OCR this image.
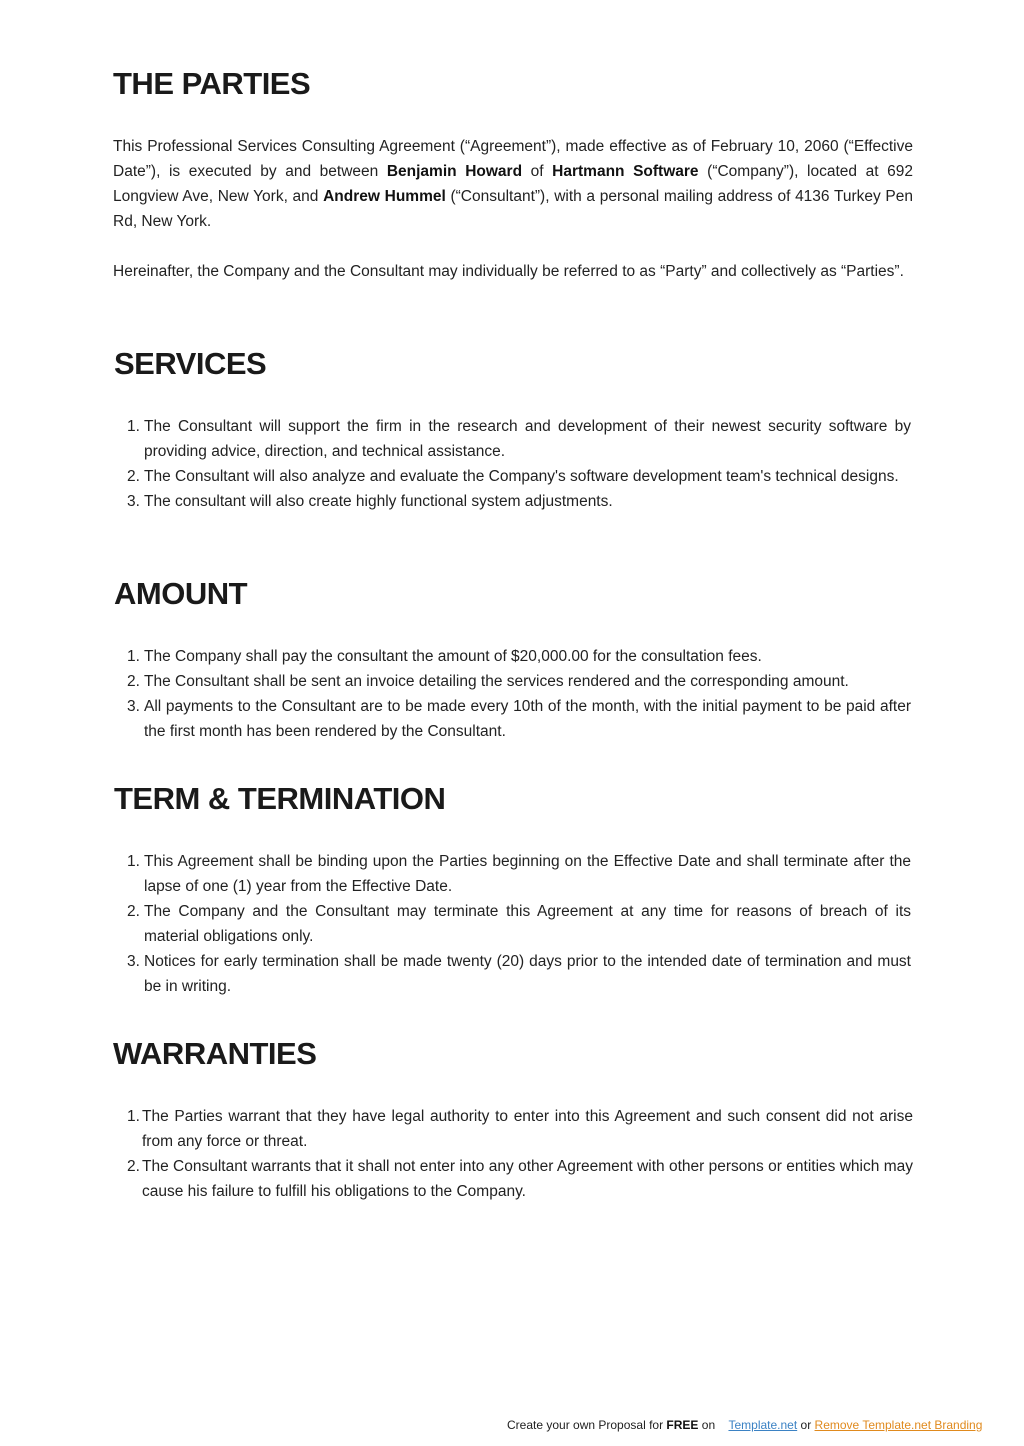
THE PARTIES

This Professional Services Consulting Agreement (“Agreement”), made effective as of February 10, 2060 (“Effective Date”), is executed by and between Benjamin Howard of Hartmann Software (“Company”), located at 692 Longview Ave, New York, and Andrew Hummel (“Consultant”), with a personal mailing address of 4136 Turkey Pen Rd, New York.

Hereinafter, the Company and the Consultant may individually be referred to as “Party” and collectively as “Parties”.

SERVICES
1. The Consultant will support the firm in the research and development of their newest security software by providing advice, direction, and technical assistance.
2. The Consultant will also analyze and evaluate the Company's software development team's technical designs.
3. The consultant will also create highly functional system adjustments.
AMOUNT
1. The Company shall pay the consultant the amount of $20,000.00 for the consultation fees.
2. The Consultant shall be sent an invoice detailing the services rendered and the corresponding amount.
3. All payments to the Consultant are to be made every 10th of the month, with the initial payment to be paid after the first month has been rendered by the Consultant.
TERM & TERMINATION
1. This Agreement shall be binding upon the Parties beginning on the Effective Date and shall terminate after the lapse of one (1) year from the Effective Date.
2. The Company and the Consultant may terminate this Agreement at any time for reasons of breach of its material obligations only.
3. Notices for early termination shall be made twenty (20) days prior to the intended date of termination and must be in writing.
WARRANTIES
1. The Parties warrant that they have legal authority to enter into this Agreement and such consent did not arise from any force or threat.
2. The Consultant warrants that it shall not enter into any other Agreement with other persons or entities which may cause his failure to fulfill his obligations to the Company.
Create your own Proposal for FREE on    Template.net or Remove Template.net Branding
